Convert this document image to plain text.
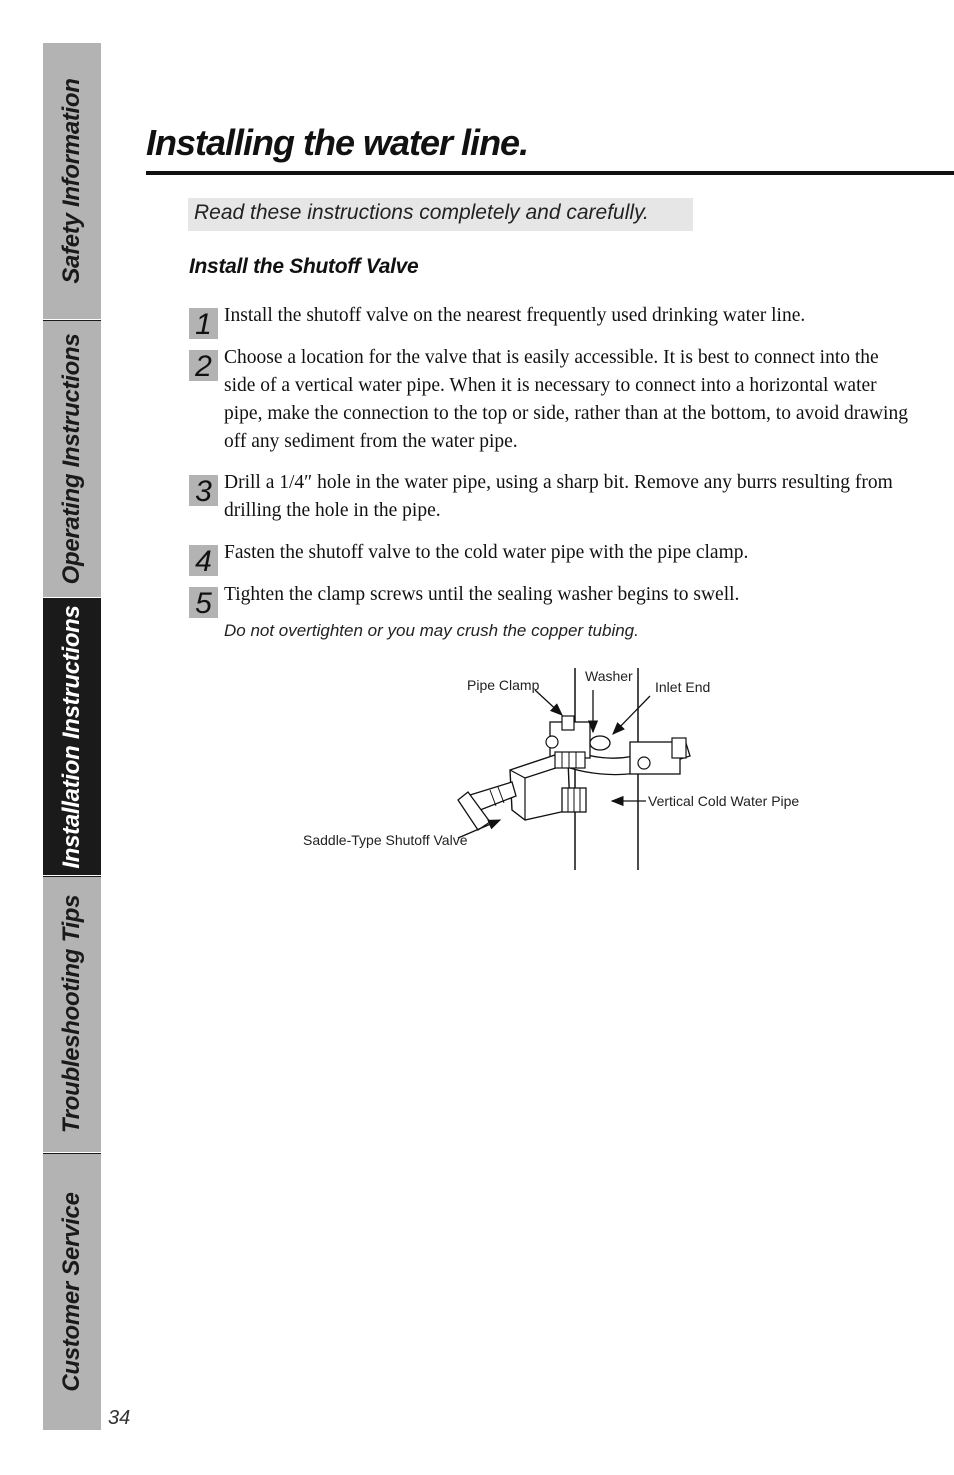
Safety Information
Operating Instructions
Installation Instructions
Troubleshooting Tips
Customer Service
34
Installing the water line.
Read these instructions completely and carefully.
Install the Shutoff Valve
1 Install the shutoff valve on the nearest frequently used drinking water line.

2 Choose a location for the valve that is easily accessible. It is best to connect into the side of a vertical water pipe. When it is necessary to connect into a horizontal water pipe, make the connection to the top or side, rather than at the bottom, to avoid drawing off any sediment from the water pipe.

3 Drill a 1/4″ hole in the water pipe, using a sharp bit. Remove any burrs resulting from drilling the hole in the pipe.

4 Fasten the shutoff valve to the cold water pipe with the pipe clamp.

5 Tighten the clamp screws until the sealing washer begins to swell.

Do not overtighten or you may crush the copper tubing.
Pipe Clamp
Washer
Inlet End
Vertical Cold Water Pipe
Saddle-Type Shutoff Valve
